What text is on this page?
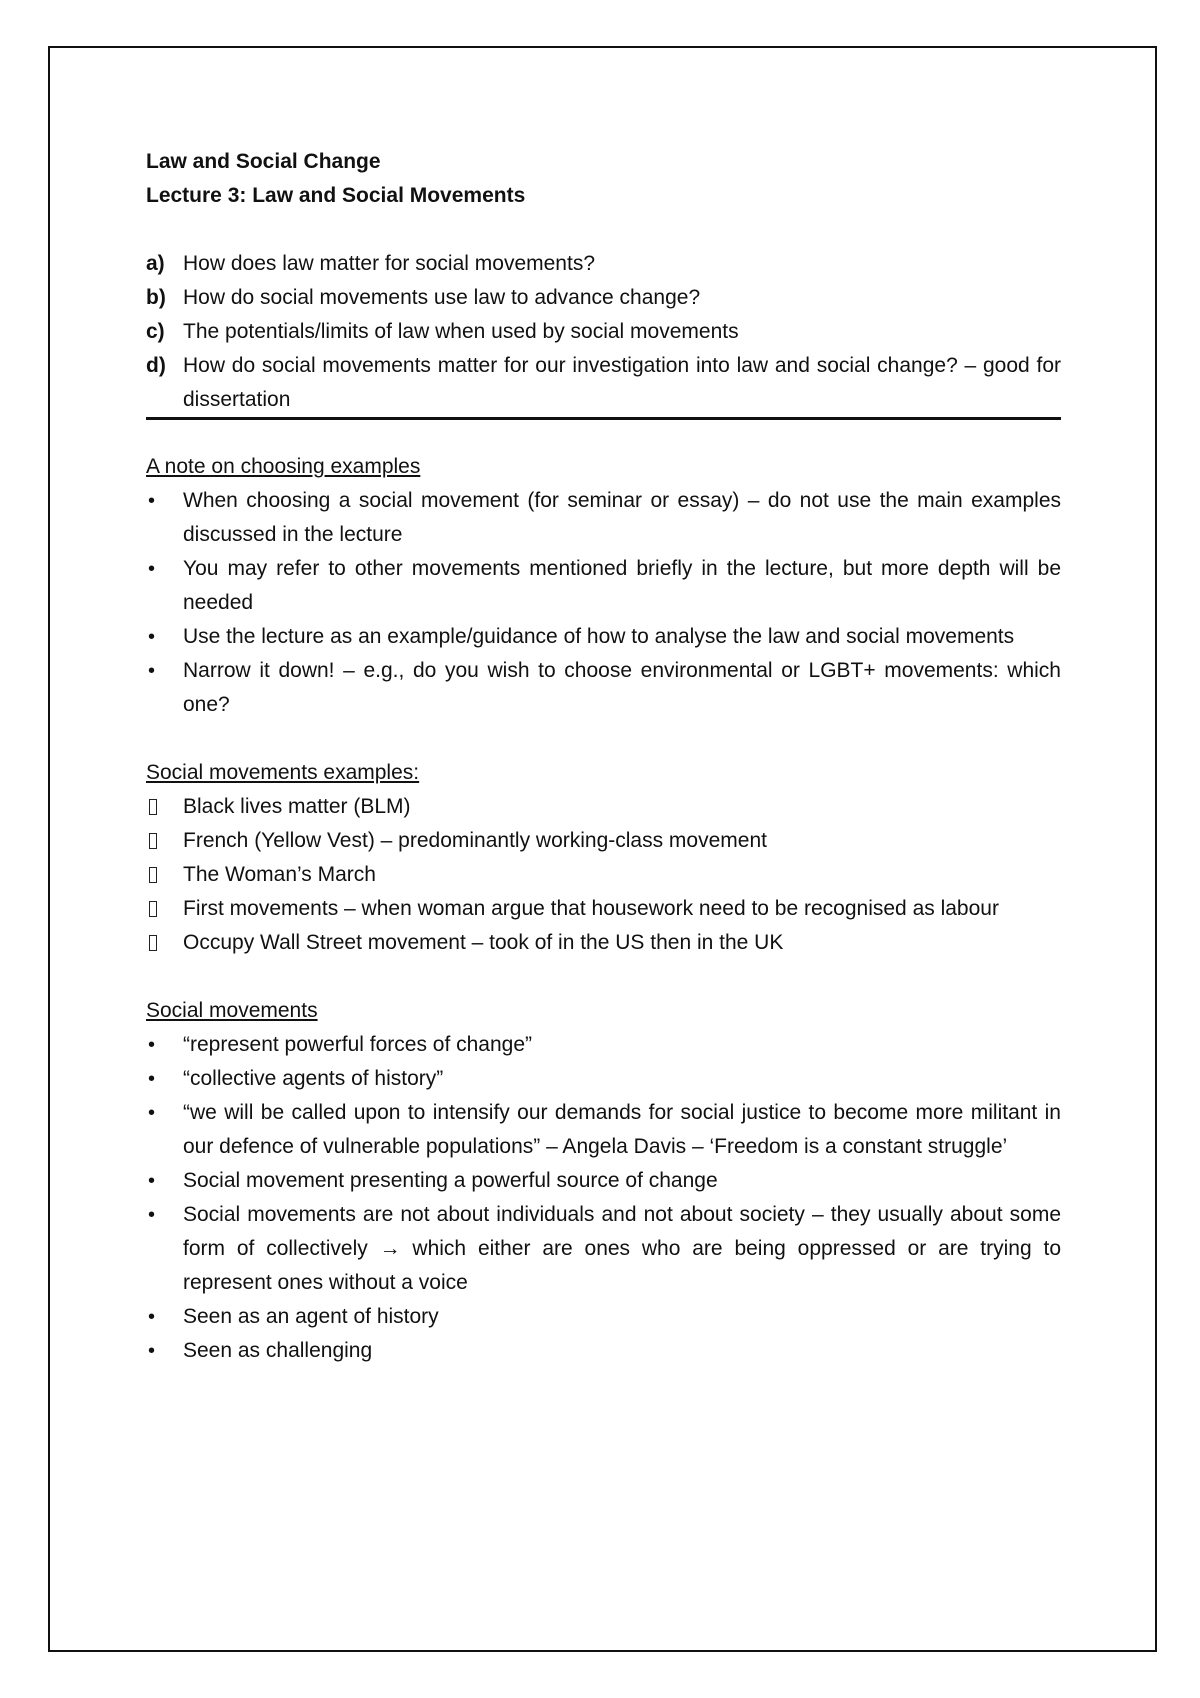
Law and Social Change
Lecture 3: Law and Social Movements
a) How does law matter for social movements?
b) How do social movements use law to advance change?
c) The potentials/limits of law when used by social movements
d) How do social movements matter for our investigation into law and social change? – good for dissertation
A note on choosing examples
• When choosing a social movement (for seminar or essay) – do not use the main examples discussed in the lecture
• You may refer to other movements mentioned briefly in the lecture, but more depth will be needed
• Use the lecture as an example/guidance of how to analyse the law and social movements
• Narrow it down! – e.g., do you wish to choose environmental or LGBT+ movements: which one?
Social movements examples:
Black lives matter (BLM)
French (Yellow Vest) – predominantly working-class movement
The Woman’s March
First movements – when woman argue that housework need to be recognised as labour
Occupy Wall Street movement – took of in the US then in the UK
Social movements
• “represent powerful forces of change”
• “collective agents of history”
• “we will be called upon to intensify our demands for social justice to become more militant in our defence of vulnerable populations” – Angela Davis – ‘Freedom is a constant struggle’
• Social movement presenting a powerful source of change
• Social movements are not about individuals and not about society – they usually about some form of collectively → which either are ones who are being oppressed or are trying to represent ones without a voice
• Seen as an agent of history
• Seen as challenging
